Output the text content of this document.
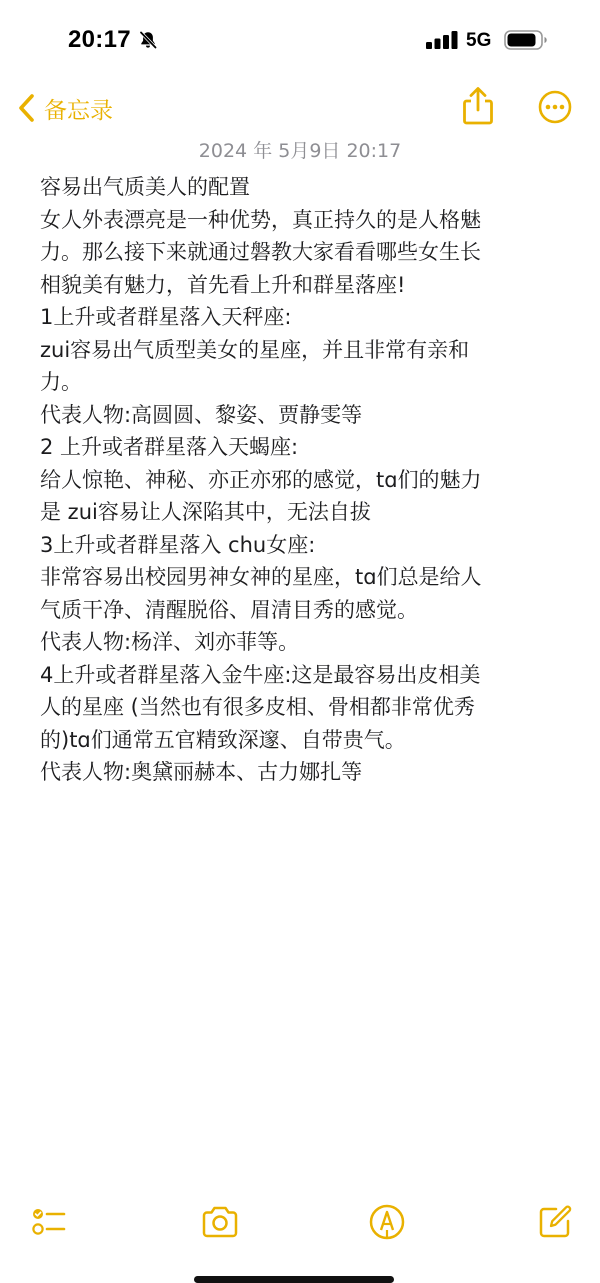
20:17	5G
备忘录
2024 年 5月9日 20:17
容易出气质美人的配置
女人外表漂亮是一种优势，真正持久的是人格魅
力。那么接下来就通过磐教大家看看哪些女生长
相貌美有魅力，首先看上升和群星落座!
1上升或者群星落入天秤座:
zui容易出气质型美女的星座，并且非常有亲和
力。
代表人物:高圆圆、黎姿、贾静雯等
2 上升或者群星落入天蝎座:
给人惊艳、神秘、亦正亦邪的感觉，tɑ们的魅力
是 zui容易让人深陷其中，无法自拔
3上升或者群星落入 chu女座:
非常容易出校园男神女神的星座，tɑ们总是给人
气质干净、清醒脱俗、眉清目秀的感觉。
代表人物:杨洋、刘亦菲等。
4上升或者群星落入金牛座:这是最容易出皮相美
人的星座 (当然也有很多皮相、骨相都非常优秀
的)tɑ们通常五官精致深邃、自带贵气。
代表人物:奥黛丽赫本、古力娜扎等
